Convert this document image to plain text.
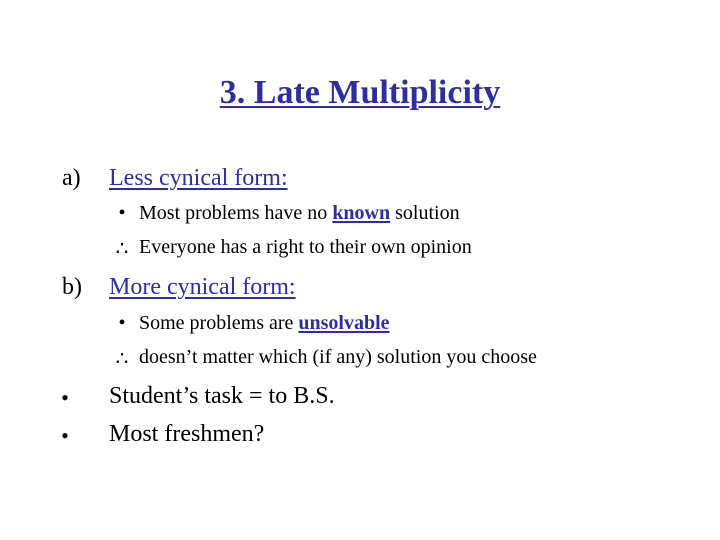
3. Late Multiplicity
a) Less cynical form:
• Most problems have no known solution
∴ Everyone has a right to their own opinion
b) More cynical form:
• Some problems are unsolvable
∴ doesn’t matter which (if any) solution you choose
• Student’s task = to B.S.
• Most freshmen?
